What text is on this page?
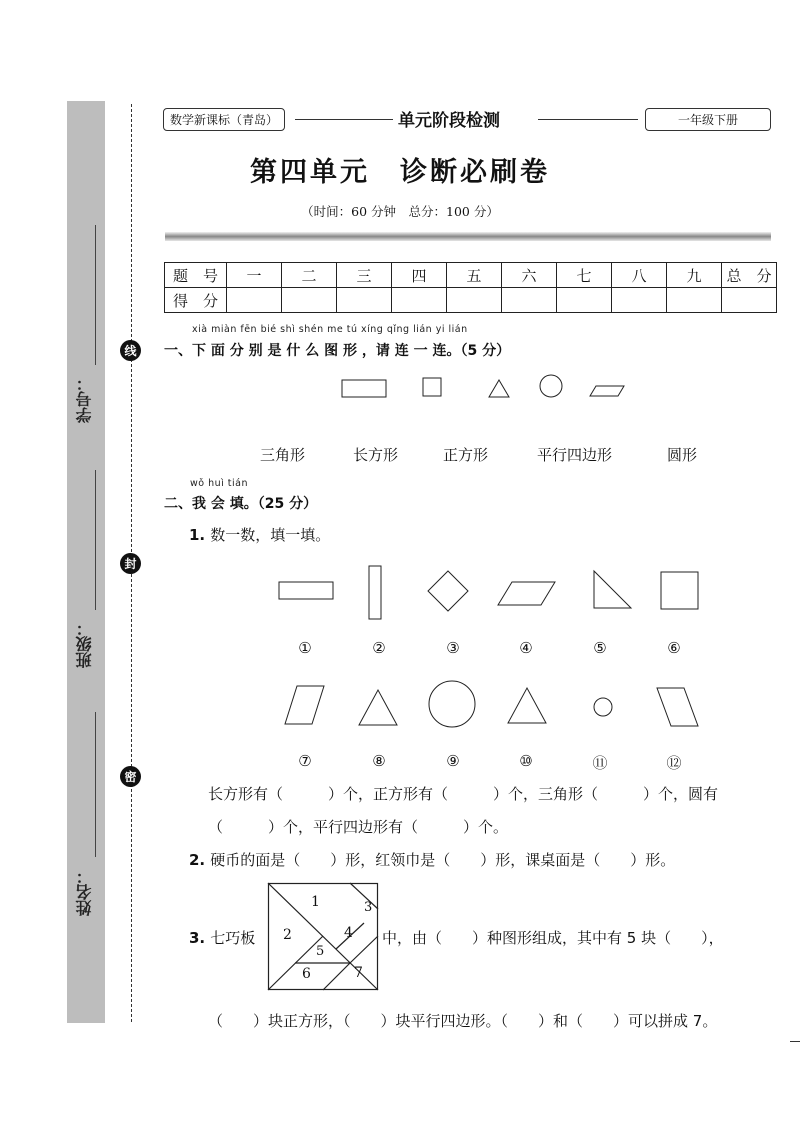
线
封
密
学号：
班级：
姓名：
数学新课标（青岛）	单元阶段检测	一年级下册
第四单元　诊断必刷卷
（时间：60 分钟　总分：100 分）
题　号	一	二	三	四	五	六	七	八	九	总　分
得　分										
xià miàn fēn bié shì shén me tú xíng qǐng lián yi lián
一、下 面 分 别 是 什 么 图 形 ，请 连 一 连。（5 分）
三角形	长方形	正方形	平行四边形	圆形
wǒ huì tián
二、我 会 填。（25 分）
1. 数一数，填一填。
①	②	③	④	⑤	⑥
⑦	⑧	⑨	⑩	⑪	⑫
长方形有（　　　）个，正方形有（　　　）个，三角形（　　　）个，圆有
（　　　）个，平行四边形有（　　　）个。
2. 硬币的面是（　　）形，红领巾是（　　）形，课桌面是（　　）形。
3. 七巧板
1
2
3
4
5
6	7
中，由（　　）种图形组成，其中有 5 块（　　），
（　　）块正方形，（　　）块平行四边形。（　　）和（　　）可以拼成 7。
